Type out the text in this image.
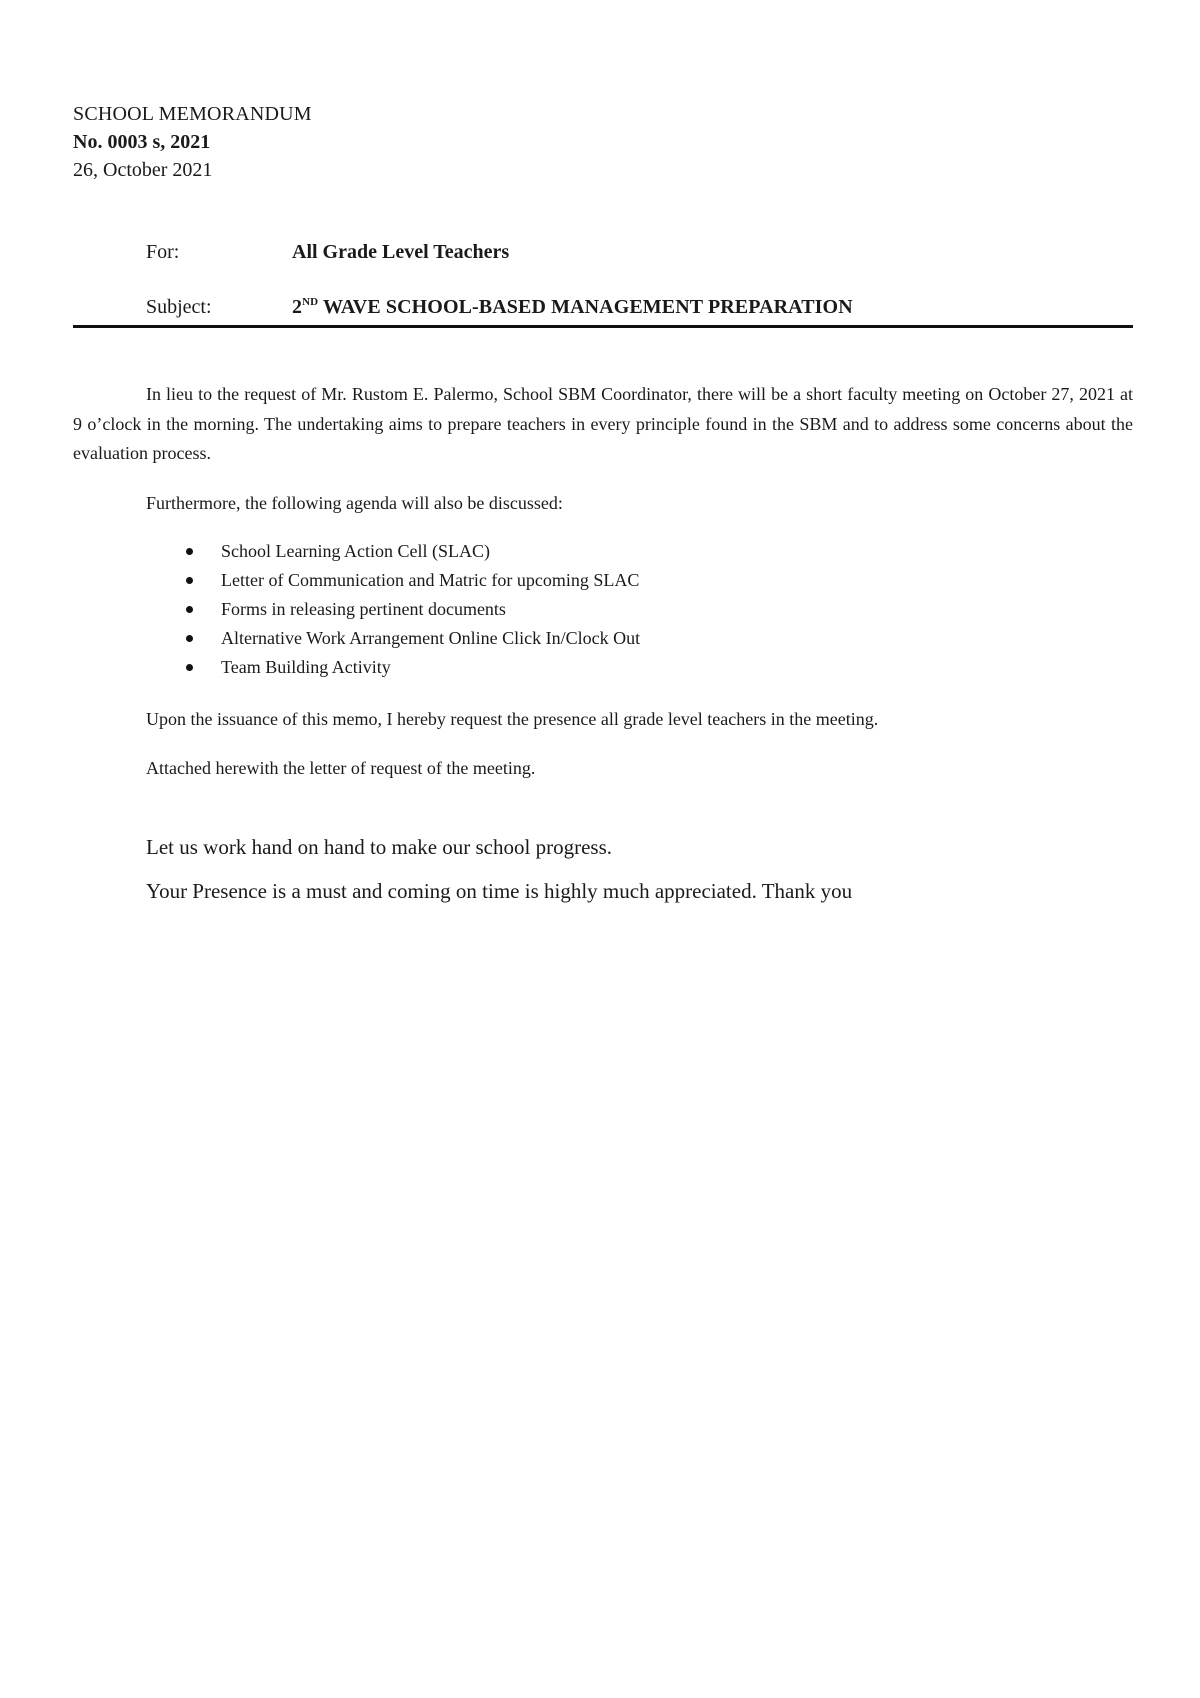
SCHOOL MEMORANDUM
No. 0003 s, 2021
26, October 2021
For:	All Grade Level Teachers
Subject:	2ND WAVE SCHOOL-BASED MANAGEMENT PREPARATION

In lieu to the request of Mr. Rustom E. Palermo, School SBM Coordinator, there will be a short faculty meeting on October 27, 2021 at 9 o’clock in the morning. The undertaking aims to prepare teachers in every principle found in the SBM and to address some concerns about the evaluation process.

Furthermore, the following agenda will also be discussed:
School Learning Action Cell (SLAC)
Letter of Communication and Matric for upcoming SLAC
Forms in releasing pertinent documents
Alternative Work Arrangement Online Click In/Clock Out
Team Building Activity
Upon the issuance of this memo, I hereby request the presence all grade level teachers in the meeting.
Attached herewith the letter of request of the meeting.
Let us work hand on hand to make our school progress.
Your Presence is a must and coming on time is highly much appreciated. Thank you
